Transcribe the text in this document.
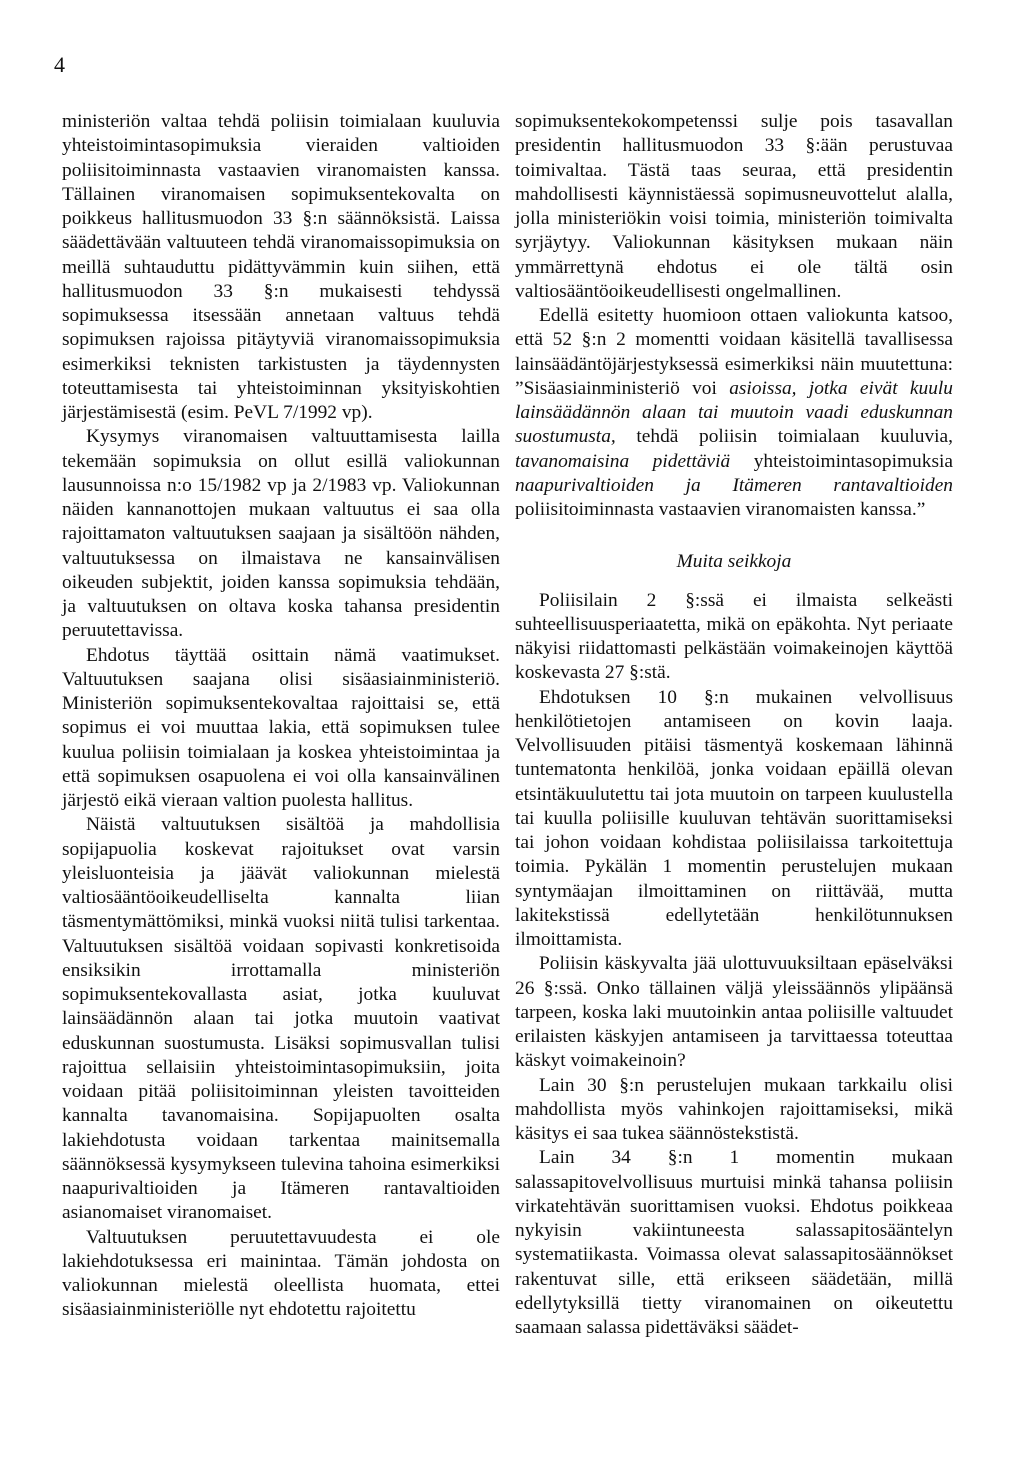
4

ministeriön valtaa tehdä poliisin toimialaan kuuluvia yhteistoimintasopimuksia vieraiden valtioiden poliisitoiminnasta vastaavien viranomaisten kanssa. Tällainen viranomaisen sopimuksentekovalta on poikkeus hallitusmuodon 33 §:n säännöksistä. Laissa säädettävään valtuuteen tehdä viranomaissopimuksia on meillä suhtauduttu pidättyvämmin kuin siihen, että hallitusmuodon 33 §:n mukaisesti tehdyssä sopimuksessa itsessään annetaan valtuus tehdä sopimuksen rajoissa pitäytyviä viranomaissopimuksia esimerkiksi teknisten tarkistusten ja täydennysten toteuttamisesta tai yhteistoiminnan yksityiskohtien järjestämisestä (esim. PeVL 7/1992 vp).

Kysymys viranomaisen valtuuttamisesta lailla tekemään sopimuksia on ollut esillä valiokunnan lausunnoissa n:o 15/1982 vp ja 2/1983 vp. Valiokunnan näiden kannanottojen mukaan valtuutus ei saa olla rajoittamaton valtuutuksen saajaan ja sisältöön nähden, valtuutuksessa on ilmaistava ne kansainvälisen oikeuden subjektit, joiden kanssa sopimuksia tehdään, ja valtuutuksen on oltava koska tahansa presidentin peruutettavissa.

Ehdotus täyttää osittain nämä vaatimukset. Valtuutuksen saajana olisi sisäasiainministeriö. Ministeriön sopimuksentekovaltaa rajoittaisi se, että sopimus ei voi muuttaa lakia, että sopimuksen tulee kuulua poliisin toimialaan ja koskea yhteistoimintaa ja että sopimuksen osapuolena ei voi olla kansainvälinen järjestö eikä vieraan valtion puolesta hallitus.

Näistä valtuutuksen sisältöä ja mahdollisia sopijapuolia koskevat rajoitukset ovat varsin yleisluonteisia ja jäävät valiokunnan mielestä valtiosääntöoikeudelliselta kannalta liian täsmentymättömiksi, minkä vuoksi niitä tulisi tarkentaa. Valtuutuksen sisältöä voidaan sopivasti konkretisoida ensiksikin irrottamalla ministeriön sopimuksentekovallasta asiat, jotka kuuluvat lainsäädännön alaan tai jotka muutoin vaativat eduskunnan suostumusta. Lisäksi sopimusvallan tulisi rajoittua sellaisiin yhteistoimintasopimuksiin, joita voidaan pitää poliisitoiminnan yleisten tavoitteiden kannalta tavanomaisina. Sopijapuolten osalta lakiehdotusta voidaan tarkentaa mainitsemalla säännöksessä kysymykseen tulevina tahoina esimerkiksi naapurivaltioiden ja Itämeren rantavaltioiden asianomaiset viranomaiset.

Valtuutuksen peruutettavuudesta ei ole lakiehdotuksessa eri mainintaa. Tämän johdosta on valiokunnan mielestä oleellista huomata, ettei sisäasiainministeriölle nyt ehdotettu rajoitettu

sopimuksentekokompetenssi sulje pois tasavallan presidentin hallitusmuodon 33 §:ään perustuvaa toimivaltaa. Tästä taas seuraa, että presidentin mahdollisesti käynnistäessä sopimusneuvottelut alalla, jolla ministeriökin voisi toimia, ministeriön toimivalta syrjäytyy. Valiokunnan käsityksen mukaan näin ymmärrettynä ehdotus ei ole tältä osin valtiosääntöoikeudellisesti ongelmallinen.

Edellä esitetty huomioon ottaen valiokunta katsoo, että 52 §:n 2 momentti voidaan käsitellä tavallisessa lainsäädäntöjärjestyksessä esimerkiksi näin muutettuna: ”Sisäasiainministeriö voi asioissa, jotka eivät kuulu lainsäädännön alaan tai muutoin vaadi eduskunnan suostumusta, tehdä poliisin toimialaan kuuluvia, tavanomaisina pidettäviä yhteistoimintasopimuksia naapurivaltioiden ja Itämeren rantavaltioiden poliisitoiminnasta vastaavien viranomaisten kanssa.”

Muita seikkoja

Poliisilain 2 §:ssä ei ilmaista selkeästi suhteellisuusperiaatetta, mikä on epäkohta. Nyt periaate näkyisi riidattomasti pelkästään voimakeinojen käyttöä koskevasta 27 §:stä.

Ehdotuksen 10 §:n mukainen velvollisuus henkilötietojen antamiseen on kovin laaja. Velvollisuuden pitäisi täsmentyä koskemaan lähinnä tuntematonta henkilöä, jonka voidaan epäillä olevan etsintäkuulutettu tai jota muutoin on tarpeen kuulustella tai kuulla poliisille kuuluvan tehtävän suorittamiseksi tai johon voidaan kohdistaa poliisilaissa tarkoitettuja toimia. Pykälän 1 momentin perustelujen mukaan syntymäajan ilmoittaminen on riittävää, mutta lakitekstissä edellytetään henkilötunnuksen ilmoittamista.

Poliisin käskyvalta jää ulottuvuuksiltaan epäselväksi 26 §:ssä. Onko tällainen väljä yleissäännös ylipäänsä tarpeen, koska laki muutoinkin antaa poliisille valtuudet erilaisten käskyjen antamiseen ja tarvittaessa toteuttaa käskyt voimakeinoin?

Lain 30 §:n perustelujen mukaan tarkkailu olisi mahdollista myös vahinkojen rajoittamiseksi, mikä käsitys ei saa tukea säännöstekstistä.

Lain 34 §:n 1 momentin mukaan salassapitovelvollisuus murtuisi minkä tahansa poliisin virkatehtävän suorittamisen vuoksi. Ehdotus poikkeaa nykyisin vakiintuneesta salassapitosääntelyn systematiikasta. Voimassa olevat salassapitosäännökset rakentuvat sille, että erikseen säädetään, millä edellytyksillä tietty viranomainen on oikeutettu saamaan salassa pidettäväksi säädet-
